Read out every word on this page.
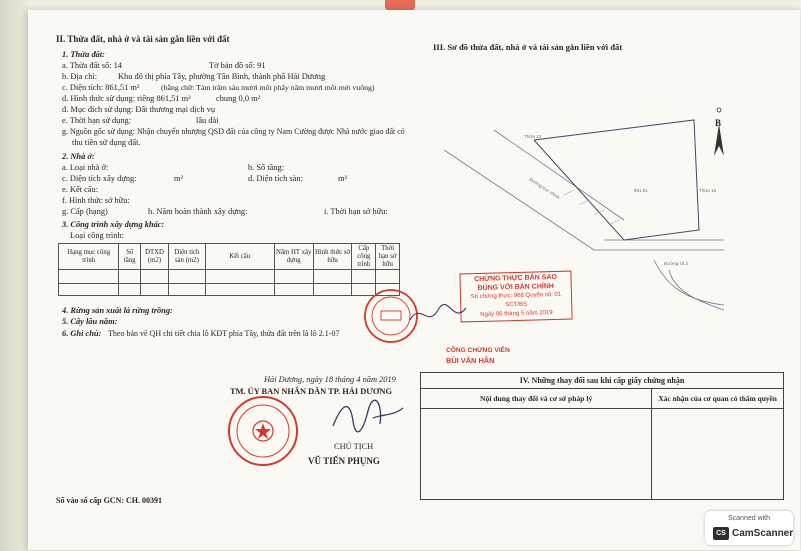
II. Thửa đất, nhà ở và tài sản gắn liền với đất
1. Thửa đất:
a. Thửa đất số: 14	Tờ bản đồ số: 91
b. Địa chỉ: Khu đô thị phía Tây, phường Tân Bình, thành phố Hải Dương
c. Diện tích: 861,51 m²	(bằng chữ: Tám trăm sáu mươi mốt phẩy năm mươi mốt mét vuông)
d. Hình thức sử dụng: riêng 861,51 m²	chung 0,0 m²
đ. Mục đích sử dụng: Đất thương mại dịch vụ
e. Thời hạn sử dụng:	lâu dài
g. Nguồn gốc sử dụng: Nhận chuyển nhượng QSD đất của công ty Nam Cường được Nhà nước giao đất có
thu tiền sử dụng đất.
2. Nhà ở:
a. Loại nhà ở:	b. Số tầng:
c. Diện tích xây dựng:	m²	d. Diện tích sàn:	m²
e. Kết cấu:
f. Hình thức sở hữu:
g. Cấp (hạng)	h. Năm hoàn thành xây dựng:	i. Thời hạn sở hữu:
3. Công trình xây dựng khác:
Loại công trình:
Hạng mục công trình	Số tầng	DTXD (m2)	Diện tích sàn (m2)	Kết cấu	Năm HT xây dựng	Hình thức sở hữu	Cấp công trình	Thời hạn sở hữu

4. Rừng sản xuất là rừng trồng:
5. Cây lâu năm:
6. Ghi chú: Theo bản vẽ QH chi tiết chia lô KĐT phía Tây, thửa đất trên là lô 2.1-07
Hải Dương, ngày 18 tháng 4 năm 2019
TM. ỦY BAN NHÂN DÂN TP. HẢI DƯƠNG
CHỦ TỊCH
VŨ TIẾN PHỤNG
Số vào sổ cấp GCN: CH. 00391
III. Sơ đồ thửa đất, nhà ở và tài sản gắn liền với đất
Thửa 13
Thửa 15
861.51
Đường trục chính
Đường số 2
B
CHỨNG THỰC BẢN SAO
ĐÚNG VỚI BẢN CHÍNH
Số chứng thực: 968 Quyển số: 01 SCT/BS
Ngày 06 tháng 5 năm 2019
CÔNG CHỨNG VIÊN
BÙI VĂN HÂN
IV. Những thay đổi sau khi cấp giấy chứng nhận	
Nội dung thay đổi và cơ sở pháp lý	Xác nhận của cơ quan có thẩm quyền

Scanned with
CS CamScanner
